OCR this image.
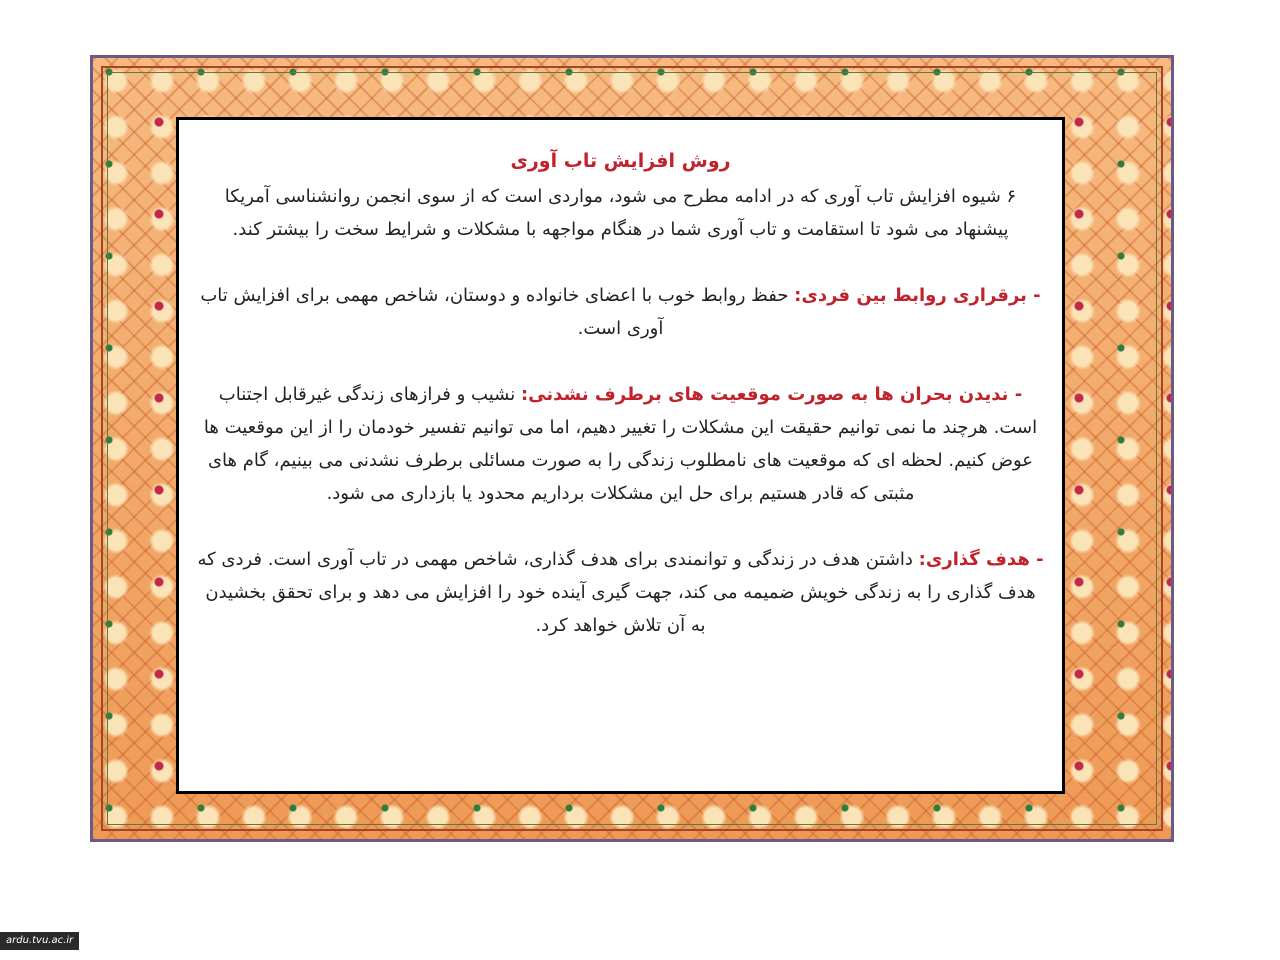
روش افزایش تاب آوری

۶ شیوه افزایش تاب آوری که در ادامه مطرح می شود، مواردی است که از سوی انجمن روانشناسی آمریکا پیشنهاد می شود تا استقامت و تاب آوری شما در هنگام مواجهه با مشکلات و شرایط سخت را بیشتر کند.

- برقراری روابط بین فردی: حفظ روابط خوب با اعضای خانواده و دوستان، شاخص مهمی برای افزایش تاب آوری است.

- ندیدن بحران ها به صورت موقعیت های برطرف نشدنی: نشیب و فرازهای زندگی غیرقابل اجتناب است. هرچند ما نمی توانیم حقیقت این مشکلات را تغییر دهیم، اما می توانیم تفسیر خودمان را از این موقعیت ها عوض کنیم. لحظه ای که موقعیت های نامطلوب زندگی را به صورت مسائلی برطرف نشدنی می بینیم، گام های مثبتی که قادر هستیم برای حل این مشکلات برداریم محدود یا بازداری می شود.

- هدف گذاری: داشتن هدف در زندگی و توانمندی برای هدف گذاری، شاخص مهمی در تاب آوری است. فردی که هدف گذاری را به زندگی خویش ضمیمه می کند، جهت گیری آینده خود را افزایش می دهد و برای تحقق بخشیدن به آن تلاش خواهد کرد.

ardu.tvu.ac.ir
